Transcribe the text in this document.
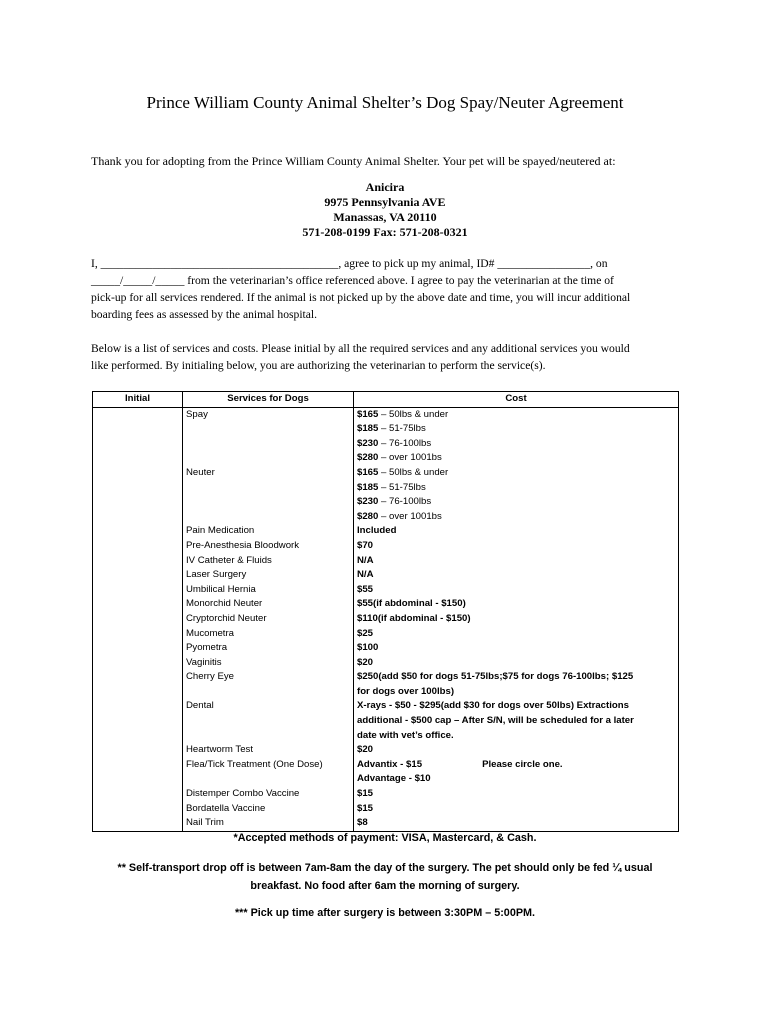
Prince William County Animal Shelter’s Dog Spay/Neuter Agreement
Thank you for adopting from the Prince William County Animal Shelter. Your pet will be spayed/neutered at:
Anicira
9975 Pennsylvania AVE
Manassas, VA 20110
571-208-0199 Fax: 571-208-0321
I, _________________________________________, agree to pick up my animal, ID# ________________, on
_____/_____/_____ from the veterinarian’s office referenced above. I agree to pay the veterinarian at the time of
pick-up for all services rendered. If the animal is not picked up by the above date and time, you will incur additional
boarding fees as assessed by the animal hospital.
Below is a list of services and costs. Please initial by all the required services and any additional services you would
like performed. By initialing below, you are authorizing the veterinarian to perform the service(s).
Initial	Services for Dogs	Cost
	Spay	$165 – 50lbs & under
$185 – 51-75lbs
$230 – 76-100lbs
$280 – over 1001bs

	Neuter	$165 – 50lbs & under
$185 – 51-75lbs
$230 – 76-100lbs
$280 – over 1001bs

	Pain Medication	Included
	Pre-Anesthesia Bloodwork	$70
	IV Catheter & Fluids	N/A
	Laser Surgery	N/A
	Umbilical Hernia	$55
	Monorchid Neuter	$55(if abdominal - $150)
	Cryptorchid Neuter	$110(if abdominal - $150)
	Mucometra	$25
	Pyometra	$100
	Vaginitis	$20
	Cherry Eye	$250(add $50 for dogs 51-75lbs;$75 for dogs 76-100lbs; $125
for dogs over 100lbs)

	Dental	X-rays - $50 - $295(add $30 for dogs over 50lbs) Extractions
additional - $500 cap – After S/N, will be scheduled for a later
date with vet’s office.

	Heartworm Test	$20
	Flea/Tick Treatment (One Dose)	Advantix - $15 Please circle one.
Advantage - $10

	Distemper Combo Vaccine	$15
	Bordatella Vaccine	$15
	Nail Trim	$8
*Accepted methods of payment: VISA, Mastercard, & Cash.
** Self-transport drop off is between 7am-8am the day of the surgery. The pet should only be fed ¼ usual
breakfast. No food after 6am the morning of surgery.
*** Pick up time after surgery is between 3:30PM – 5:00PM.
